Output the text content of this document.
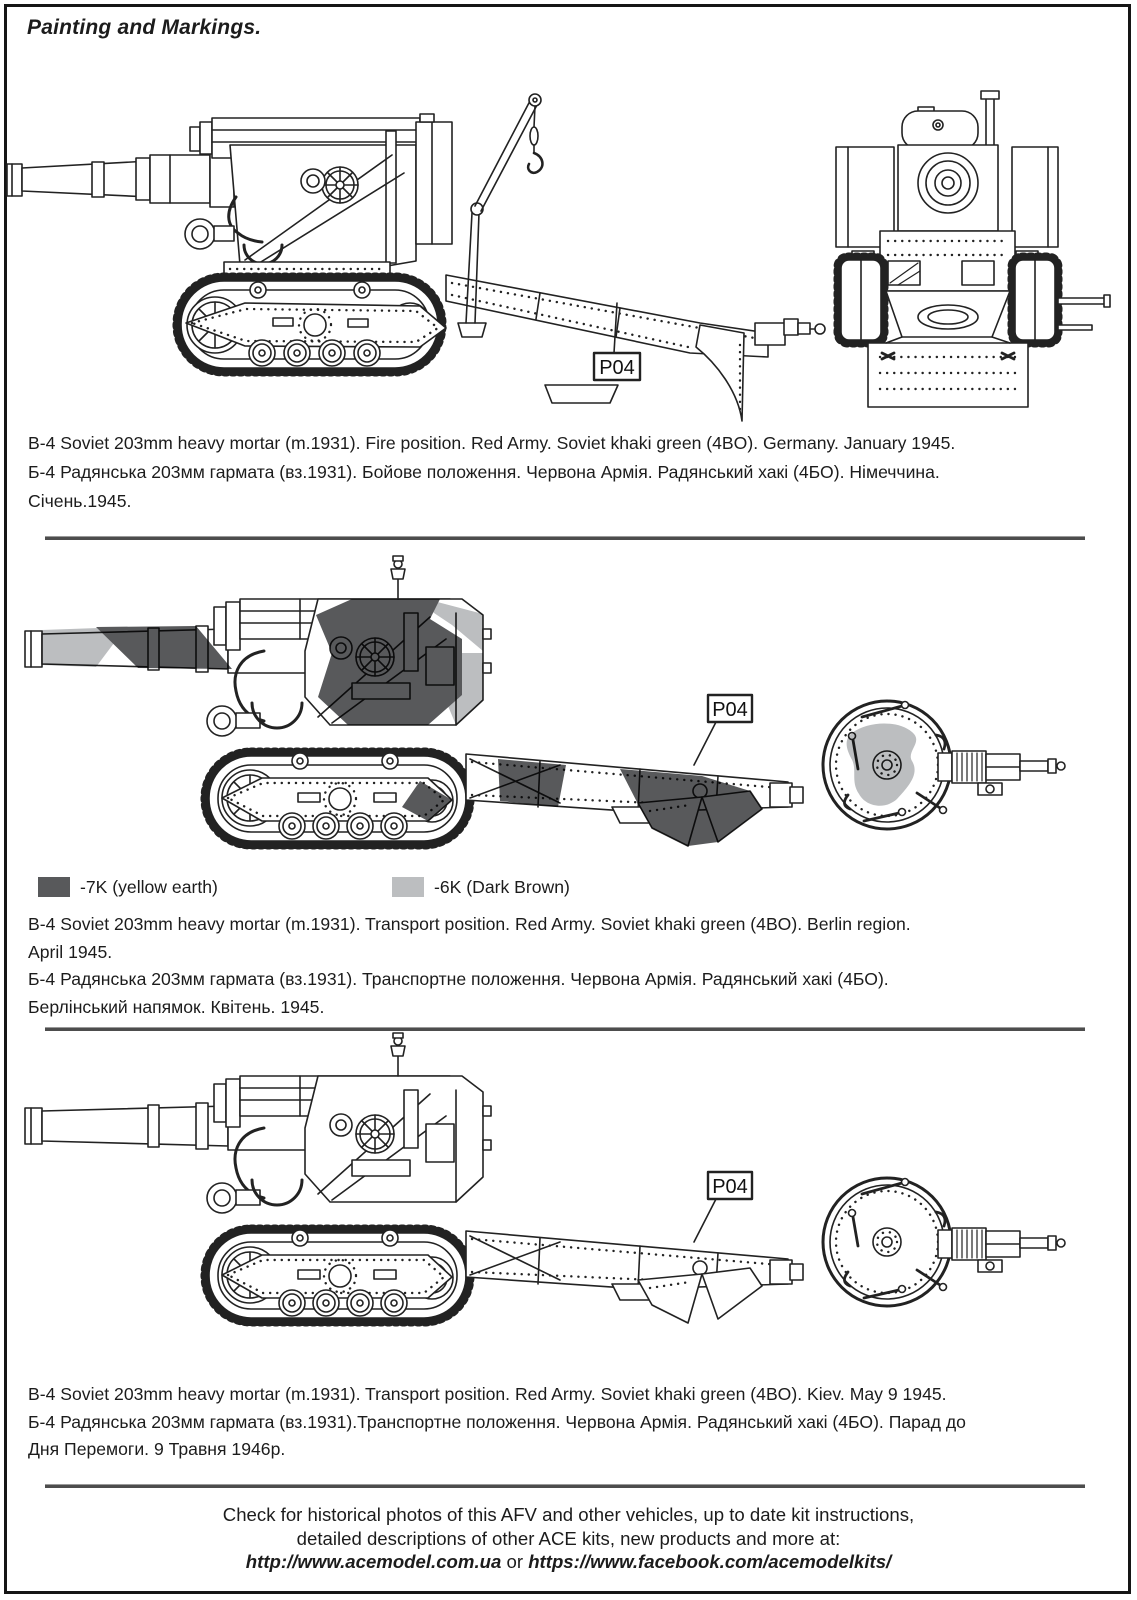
Painting and Markings.
P04
B-4 Soviet 203mm heavy mortar (m.1931). Fire position. Red Army. Soviet khaki green (4BO). Germany. January 1945.
Б-4 Радянська 203мм гармата (вз.1931). Бойове положення. Червона Армія. Радянський хакі (4БО). Німеччина.
Січень.1945.
P04
-7K (yellow earth)	-6K (Dark Brown)
B-4 Soviet 203mm heavy mortar (m.1931). Transport position. Red Army. Soviet khaki green (4BO). Berlin region.
April 1945.
Б-4 Радянська 203мм гармата (вз.1931). Транспортне положення. Червона Армія. Радянський хакі (4БО).
Берлінський напямок. Квітень. 1945.
B-4 Soviet 203mm heavy mortar (m.1931). Transport position. Red Army. Soviet khaki green (4BO). Kiev. May 9 1945.
Б-4 Радянська 203мм гармата (вз.1931).Транспортне положення. Червона Армія. Радянський хакі (4БО). Парад до
Дня Перемоги. 9 Травня 1946р.
Check for historical photos of this AFV and other vehicles, up to date kit instructions,
detailed descriptions of other ACE kits, new products and more at:
http://www.acemodel.com.ua or https://www.facebook.com/acemodelkits/
